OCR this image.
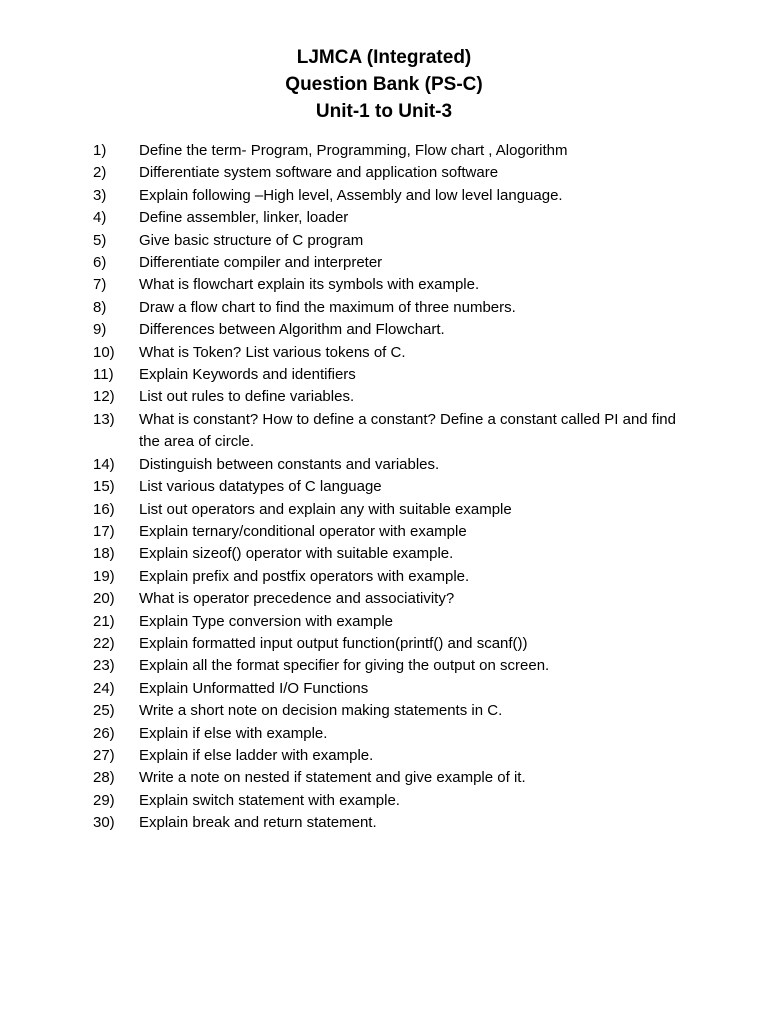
LJMCA (Integrated)

Question Bank (PS-C)

Unit-1 to Unit-3

1)	Define the term- Program, Programming, Flow chart , Alogorithm
2)	Differentiate system software and application software
3)	Explain following –High level, Assembly and low level language.
4)	Define assembler, linker, loader
5)	Give basic structure of C program
6)	Differentiate compiler and interpreter
7)	What is flowchart explain its symbols with example.
8)	Draw a flow chart to find the maximum of three numbers.
9)	Differences between Algorithm and Flowchart.
10)	What is Token? List various tokens of C.
11)	Explain Keywords and identifiers
12)	List out rules to define variables.
13)	What is constant? How to define a constant? Define a constant called PI and find the area of circle.
14)	Distinguish between constants and variables.
15)	List various datatypes of C language
16)	List out operators and explain any with suitable example
17)	Explain ternary/conditional operator with example
18)	Explain sizeof() operator with suitable example.
19)	Explain prefix and postfix operators with example.
20)	What is operator precedence and associativity?
21)	Explain Type conversion with example
22)	Explain formatted input output function(printf() and scanf())
23)	Explain all the format specifier for giving the output on screen.
24)	Explain Unformatted I/O Functions
25)	Write a short note on decision making statements in C.
26)	Explain if else with example.
27)	Explain if else ladder with example.
28)	Write a note on nested if statement and give example of it.
29)	Explain switch statement with example.
30)	Explain break and return statement.
